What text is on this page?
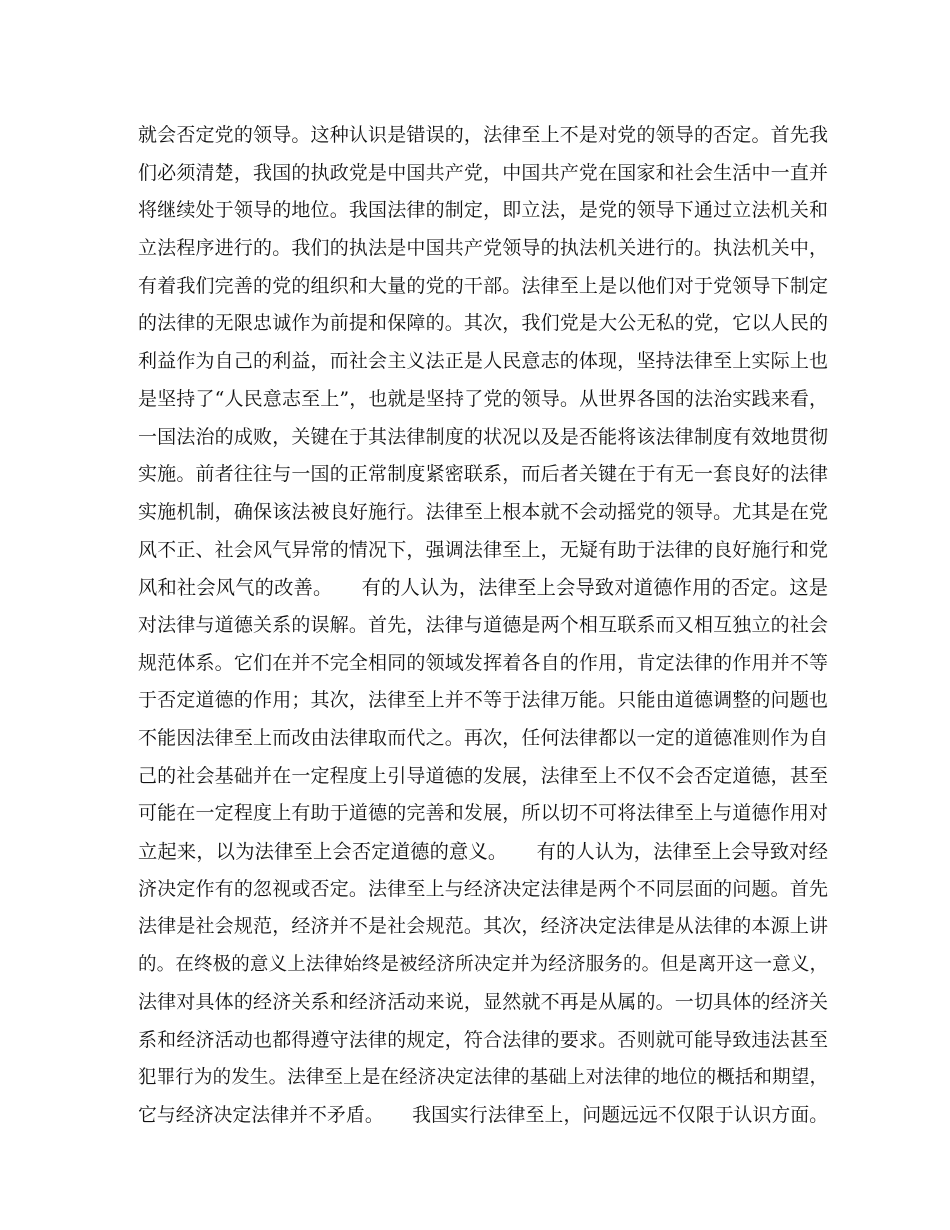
就会否定党的领导。这种认识是错误的，法律至上不是对党的领导的否定。首先我
们必须清楚，我国的执政党是中国共产党，中国共产党在国家和社会生活中一直并
将继续处于领导的地位。我国法律的制定，即立法，是党的领导下通过立法机关和
立法程序进行的。我们的执法是中国共产党领导的执法机关进行的。执法机关中，
有着我们完善的党的组织和大量的党的干部。法律至上是以他们对于党领导下制定
的法律的无限忠诚作为前提和保障的。其次，我们党是大公无私的党，它以人民的
利益作为自己的利益，而社会主义法正是人民意志的体现，坚持法律至上实际上也
是坚持了“人民意志至上”，也就是坚持了党的领导。从世界各国的法治实践来看，
一国法治的成败，关键在于其法律制度的状况以及是否能将该法律制度有效地贯彻
实施。前者往往与一国的正常制度紧密联系，而后者关键在于有无一套良好的法律
实施机制，确保该法被良好施行。法律至上根本就不会动摇党的领导。尤其是在党
风不正、社会风气异常的情况下，强调法律至上，无疑有助于法律的良好施行和党
风和社会风气的改善。　　有的人认为，法律至上会导致对道德作用的否定。这是
对法律与道德关系的误解。首先，法律与道德是两个相互联系而又相互独立的社会
规范体系。它们在并不完全相同的领域发挥着各自的作用，肯定法律的作用并不等
于否定道德的作用；其次，法律至上并不等于法律万能。只能由道德调整的问题也
不能因法律至上而改由法律取而代之。再次，任何法律都以一定的道德准则作为自
己的社会基础并在一定程度上引导道德的发展，法律至上不仅不会否定道德，甚至
可能在一定程度上有助于道德的完善和发展，所以切不可将法律至上与道德作用对
立起来，以为法律至上会否定道德的意义。　　有的人认为，法律至上会导致对经
济决定作有的忽视或否定。法律至上与经济决定法律是两个不同层面的问题。首先
法律是社会规范，经济并不是社会规范。其次，经济决定法律是从法律的本源上讲
的。在终极的意义上法律始终是被经济所决定并为经济服务的。但是离开这一意义，
法律对具体的经济关系和经济活动来说，显然就不再是从属的。一切具体的经济关
系和经济活动也都得遵守法律的规定，符合法律的要求。否则就可能导致违法甚至
犯罪行为的发生。法律至上是在经济决定法律的基础上对法律的地位的概括和期望，
它与经济决定法律并不矛盾。　　我国实行法律至上，问题远远不仅限于认识方面。
